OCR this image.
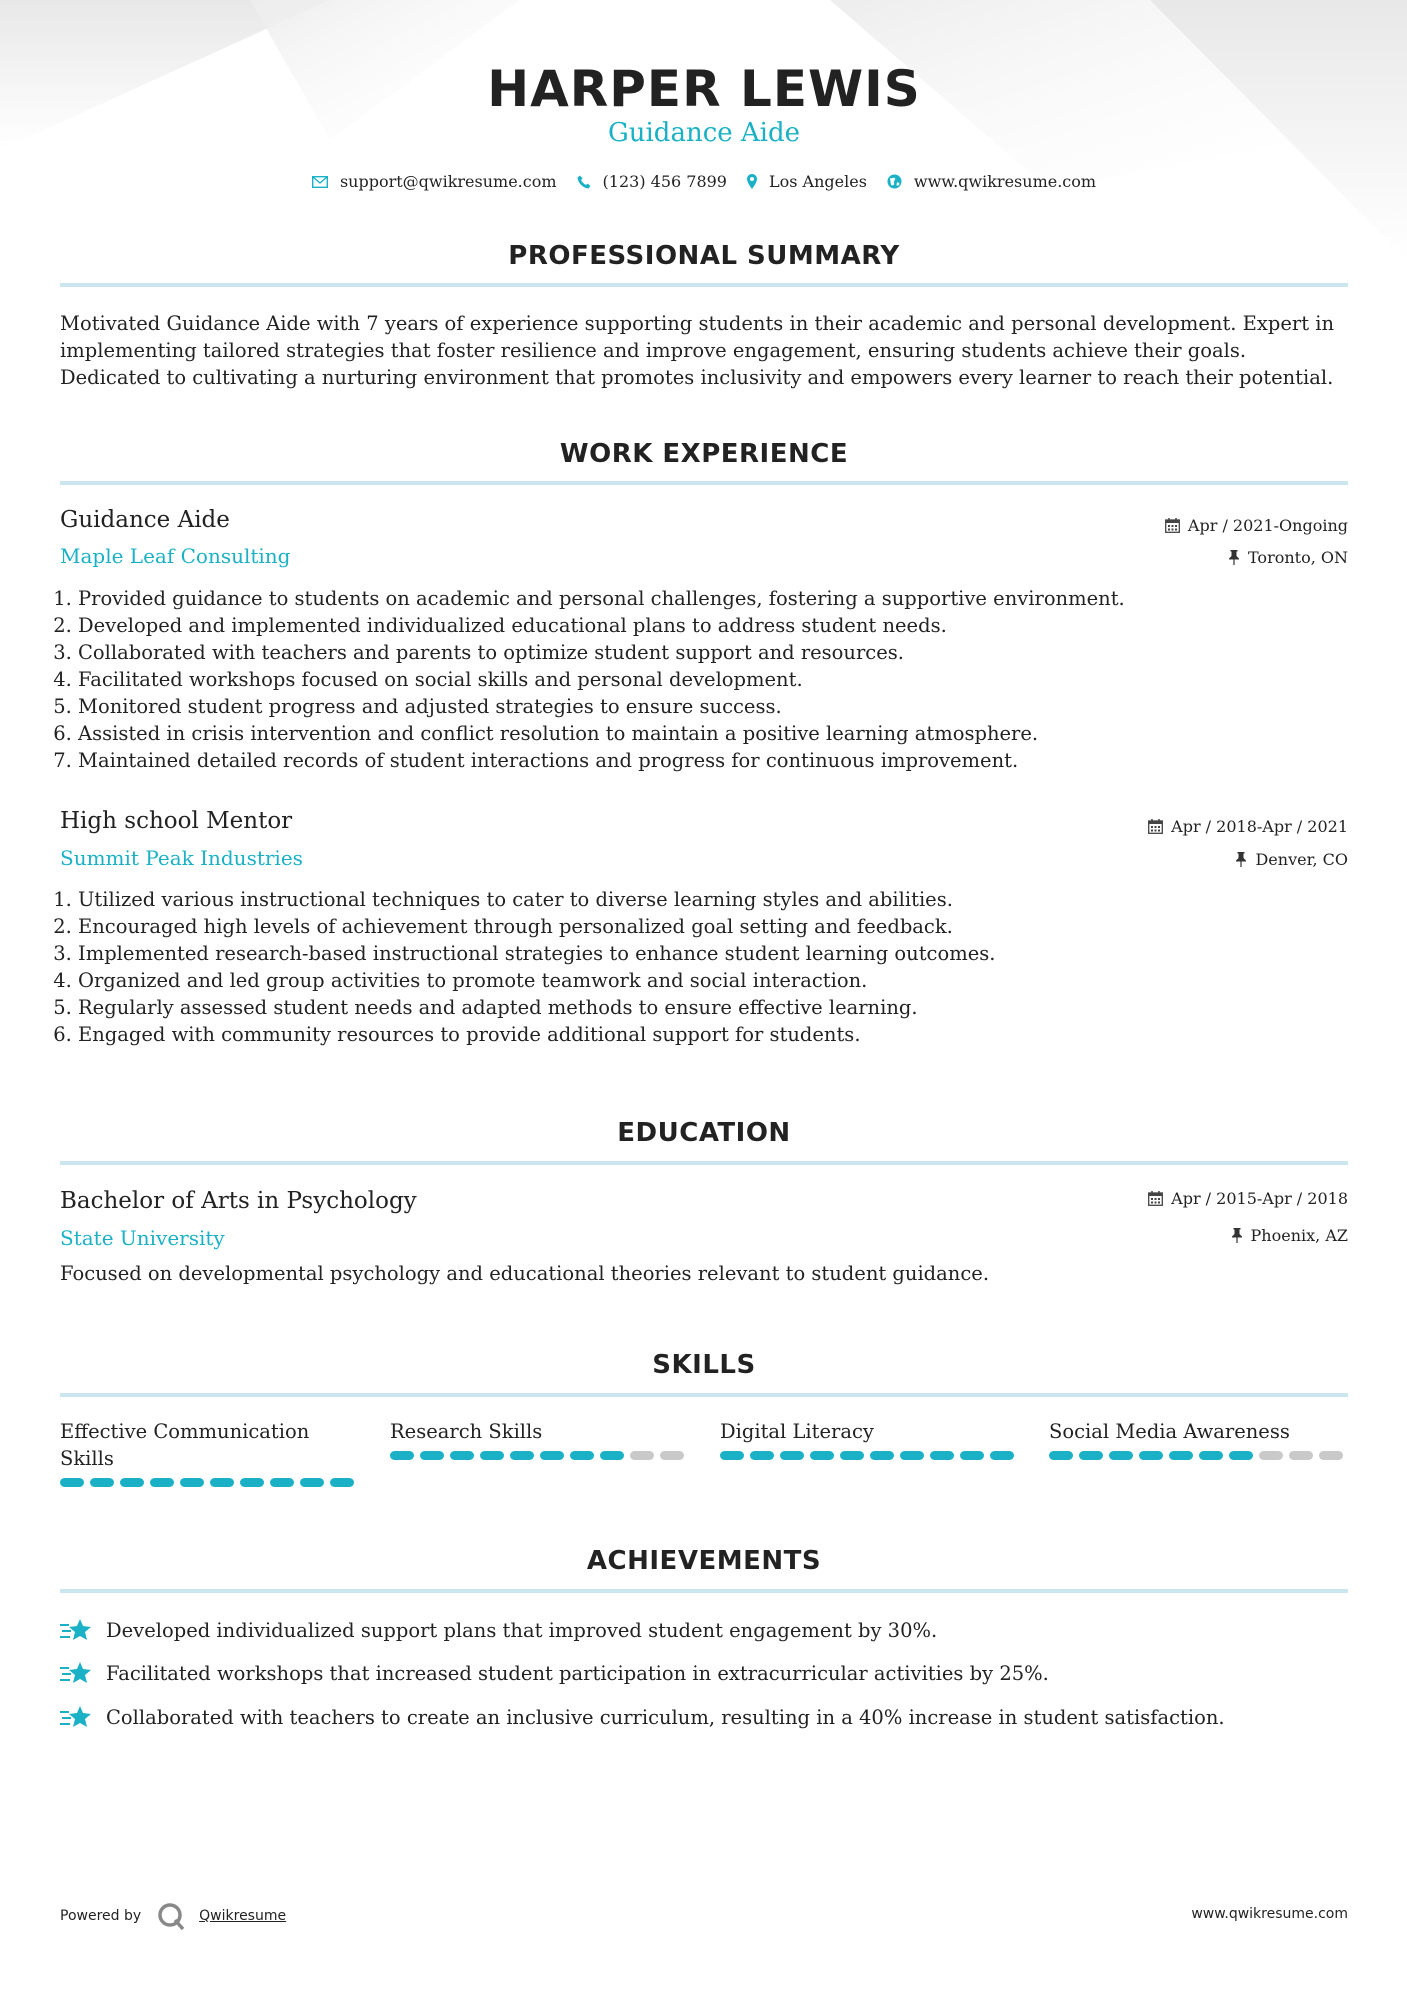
HARPER LEWIS
Guidance Aide
support@qwikresume.com	(123) 456 7899	Los Angeles	www.qwikresume.com
PROFESSIONAL SUMMARY
Motivated Guidance Aide with 7 years of experience supporting students in their academic and personal development. Expert in implementing tailored strategies that foster resilience and improve engagement, ensuring students achieve their goals. Dedicated to cultivating a nurturing environment that promotes inclusivity and empowers every learner to reach their potential.
WORK EXPERIENCE
Guidance Aide
Maple Leaf Consulting
Apr / 2021-Ongoing
Toronto, ON
1. Provided guidance to students on academic and personal challenges, fostering a supportive environment.
2. Developed and implemented individualized educational plans to address student needs.
3. Collaborated with teachers and parents to optimize student support and resources.
4. Facilitated workshops focused on social skills and personal development.
5. Monitored student progress and adjusted strategies to ensure success.
6. Assisted in crisis intervention and conflict resolution to maintain a positive learning atmosphere.
7. Maintained detailed records of student interactions and progress for continuous improvement.
High school Mentor
Summit Peak Industries
Apr / 2018-Apr / 2021
Denver, CO
1. Utilized various instructional techniques to cater to diverse learning styles and abilities.
2. Encouraged high levels of achievement through personalized goal setting and feedback.
3. Implemented research-based instructional strategies to enhance student learning outcomes.
4. Organized and led group activities to promote teamwork and social interaction.
5. Regularly assessed student needs and adapted methods to ensure effective learning.
6. Engaged with community resources to provide additional support for students.
EDUCATION
Bachelor of Arts in Psychology
State University
Apr / 2015-Apr / 2018
Phoenix, AZ
Focused on developmental psychology and educational theories relevant to student guidance.
SKILLS
Effective Communication Skills
Research Skills	Digital Literacy	Social Media Awareness
ACHIEVEMENTS
Developed individualized support plans that improved student engagement by 30%.
Facilitated workshops that increased student participation in extracurricular activities by 25%.
Collaborated with teachers to create an inclusive curriculum, resulting in a 40% increase in student satisfaction.
Powered by	Qwikresume	www.qwikresume.com
